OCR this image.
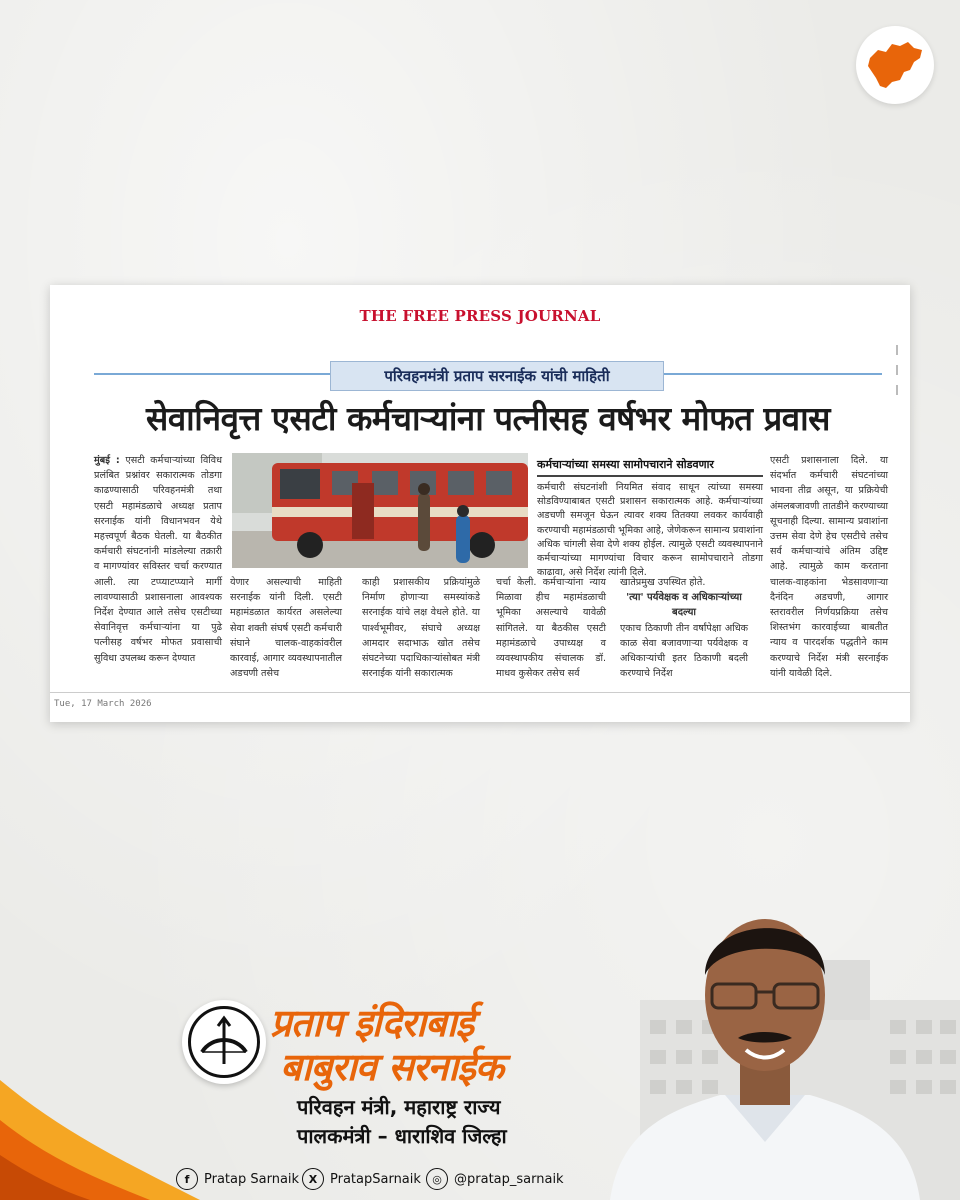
THE FREE PRESS JOURNAL
परिवहनमंत्री प्रताप सरनाईक यांची माहिती
सेवानिवृत्त एसटी कर्मचाऱ्यांना पत्नीसह वर्षभर मोफत प्रवास
मुंबई : एसटी कर्मचाऱ्यांच्या विविध प्रलंबित प्रश्नांवर सकारात्मक तोडगा काढण्यासाठी परिवहनमंत्री तथा एसटी महामंडळाचे अध्यक्ष प्रताप सरनाईक यांनी विधानभवन येथे महत्त्वपूर्ण बैठक घेतली. या बैठकीत कर्मचारी संघटनांनी मांडलेल्या तक्रारी व मागण्यांवर सविस्तर चर्चा करण्यात आली. त्या टप्प्याटप्प्याने मार्गी लावण्यासाठी प्रशासनाला आवश्यक निर्देश देण्यात आले तसेच एसटीच्या सेवानिवृत्त कर्मचाऱ्यांना या पुढे पत्नीसह वर्षभर मोफत प्रवासाची सुविधा उपलब्ध करून देण्यात
कर्मचाऱ्यांच्या समस्या सामोपचाराने सोडवणार
कर्मचारी संघटनांशी नियमित संवाद साधून त्यांच्या समस्या सोडविण्याबाबत एसटी प्रशासन सकारात्मक आहे. कर्मचाऱ्यांच्या अडचणी समजून घेऊन त्यावर शक्य तितक्या लवकर कार्यवाही करण्याची महामंडळाची भूमिका आहे, जेणेकरून सामान्य प्रवाशांना अधिक चांगली सेवा देणे शक्य होईल. त्यामुळे एसटी व्यवस्थापनाने कर्मचाऱ्यांच्या मागण्यांचा विचार करून सामोपचाराने तोडगा काढावा, असे निर्देश त्यांनी दिले.
येणार असल्याची माहिती सरनाईक यांनी दिली. एसटी महामंडळात कार्यरत असलेल्या सेवा शक्ती संघर्ष एसटी कर्मचारी संघाने चालक-वाहकांवरील कारवाई, आगार व्यवस्थापनातील अडचणी तसेच
काही प्रशासकीय प्रक्रियांमुळे निर्माण होणाऱ्या समस्यांकडे सरनाईक यांचे लक्ष वेधले होते. या पार्श्वभूमीवर, संघाचे अध्यक्ष आमदार सदाभाऊ खोत तसेच संघटनेच्या पदाधिकाऱ्यांसोबत मंत्री सरनाईक यांनी सकारात्मक
चर्चा केली. कर्मचाऱ्यांना न्याय मिळावा हीच महामंडळाची भूमिका असल्याचे यावेळी सांगितले. या बैठकीस एसटी महामंडळाचे उपाध्यक्ष व व्यवस्थापकीय संचालक डॉ. माधव कुसेकर तसेच सर्व
खातेप्रमुख उपस्थित होते.
'त्या' पर्यवेक्षक व अधिकाऱ्यांच्या बदल्या
एकाच ठिकाणी तीन वर्षांपेक्षा अधिक काळ सेवा बजावणाऱ्या पर्यवेक्षक व अधिकाऱ्यांची इतर ठिकाणी बदली करण्याचे निर्देश
एसटी प्रशासनाला दिले. या संदर्भात कर्मचारी संघटनांच्या भावना तीव्र असून, या प्रक्रियेची अंमलबजावणी तातडीने करण्याच्या सूचनाही दिल्या. सामान्य प्रवाशांना उत्तम सेवा देणे हेच एसटीचे तसेच सर्व कर्मचाऱ्यांचे अंतिम उद्दिष्ट आहे. त्यामुळे काम करताना चालक-वाहकांना भेडसावणाऱ्या दैनंदिन अडचणी, आगार स्तरावरील निर्णयप्रक्रिया तसेच शिस्तभंग कारवाईच्या बाबतीत न्याय व पारदर्शक पद्धतीने काम करण्याचे निर्देश मंत्री सरनाईक यांनी यावेळी दिले.
Tue, 17 March 2026
प्रताप इंदिराबाई
बाबुराव सरनाईक
परिवहन मंत्री, महाराष्ट्र राज्य
पालकमंत्री – धाराशिव जिल्हा
f	Pratap Sarnaik X PratapSarnaik	◎ @pratap_sarnaik
